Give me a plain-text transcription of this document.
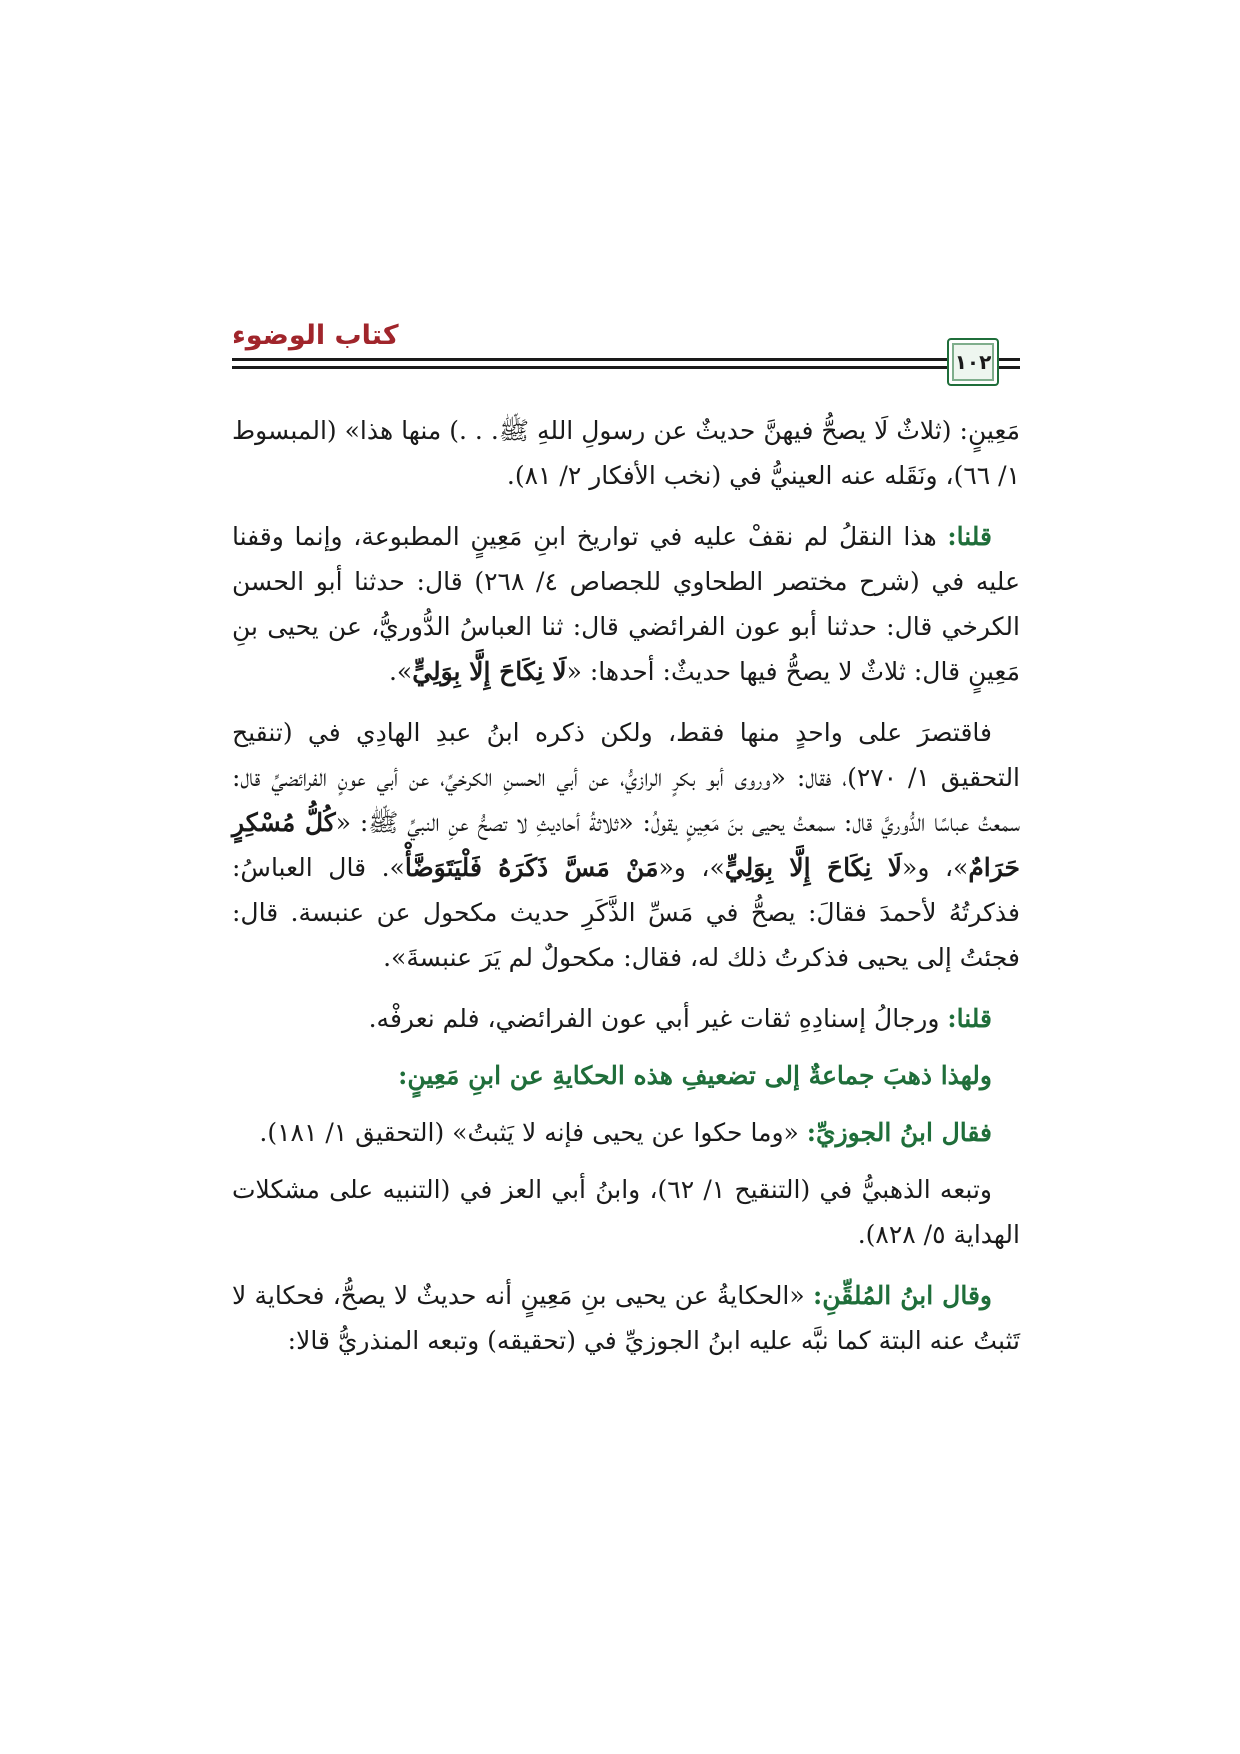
كتاب الوضوء
١٠٢

مَعِينٍ: (ثلاثٌ لَا يصحُّ فيهنَّ حديثٌ عن رسولِ اللهِ ﷺ. . .) منها هذا» (المبسوط ١/ ٦٦)، ونَقَله عنه العينيُّ في (نخب الأفكار ٢/ ٨١).

قلنا: هذا النقلُ لم نقفْ عليه في تواريخ ابنِ مَعِينٍ المطبوعة، وإنما وقفنا عليه في (شرح مختصر الطحاوي للجصاص ٤/ ٢٦٨) قال: حدثنا أبو الحسن الكرخي قال: حدثنا أبو عون الفرائضي قال: ثنا العباسُ الدُّوريُّ، عن يحيى بنِ مَعِينٍ قال: ثلاثٌ لا يصحُّ فيها حديثٌ: أحدها: «لَا نِكَاحَ إِلَّا بِوَلِيٍّ».

فاقتصرَ على واحدٍ منها فقط، ولكن ذكره ابنُ عبدِ الهادِي في (تنقيح التحقيق ١/ ٢٧٠)، فقال: «وروى أبو بكرٍ الرازيُّ، عن أبي الحسنِ الكرخيِّ، عن أبي عونٍ الفرائضيِّ قال: سمعتُ عباسًا الدُّوريَّ قال: سمعتُ يحيى بنَ مَعِينٍ يقولُ: «ثلاثةُ أحاديثِ لا تصحُّ عنِ النبيِّ ﷺ: «كُلُّ مُسْكِرٍ حَرَامٌ»، و«لَا نِكَاحَ إِلَّا بِوَلِيٍّ»، و«مَنْ مَسَّ ذَكَرَهُ فَلْيَتَوَضَّأْ». قال العباسُ: فذكرتُهُ لأحمدَ فقالَ: يصحُّ في مَسِّ الذَّكَرِ حديث مكحول عن عنبسة. قال: فجئتُ إلى يحيى فذكرتُ ذلك له، فقال: مكحولٌ لم يَرَ عنبسةَ».

قلنا: ورجالُ إسنادِهِ ثقات غير أبي عون الفرائضي، فلم نعرفْه.

ولهذا ذهبَ جماعةٌ إلى تضعيفِ هذه الحكايةِ عن ابنِ مَعِينٍ:

فقال ابنُ الجوزيِّ: «وما حكوا عن يحيى فإنه لا يَثبتُ» (التحقيق ١/ ١٨١).

وتبعه الذهبيُّ في (التنقيح ١/ ٦٢)، وابنُ أبي العز في (التنبيه على مشكلات الهداية ٥/ ٨٢٨).

وقال ابنُ المُلقِّنِ: «الحكايةُ عن يحيى بنِ مَعِينٍ أنه حديثٌ لا يصحُّ، فحكاية لا تَثبتُ عنه البتة كما نبَّه عليه ابنُ الجوزيِّ في (تحقيقه) وتبعه المنذريُّ قالا:
